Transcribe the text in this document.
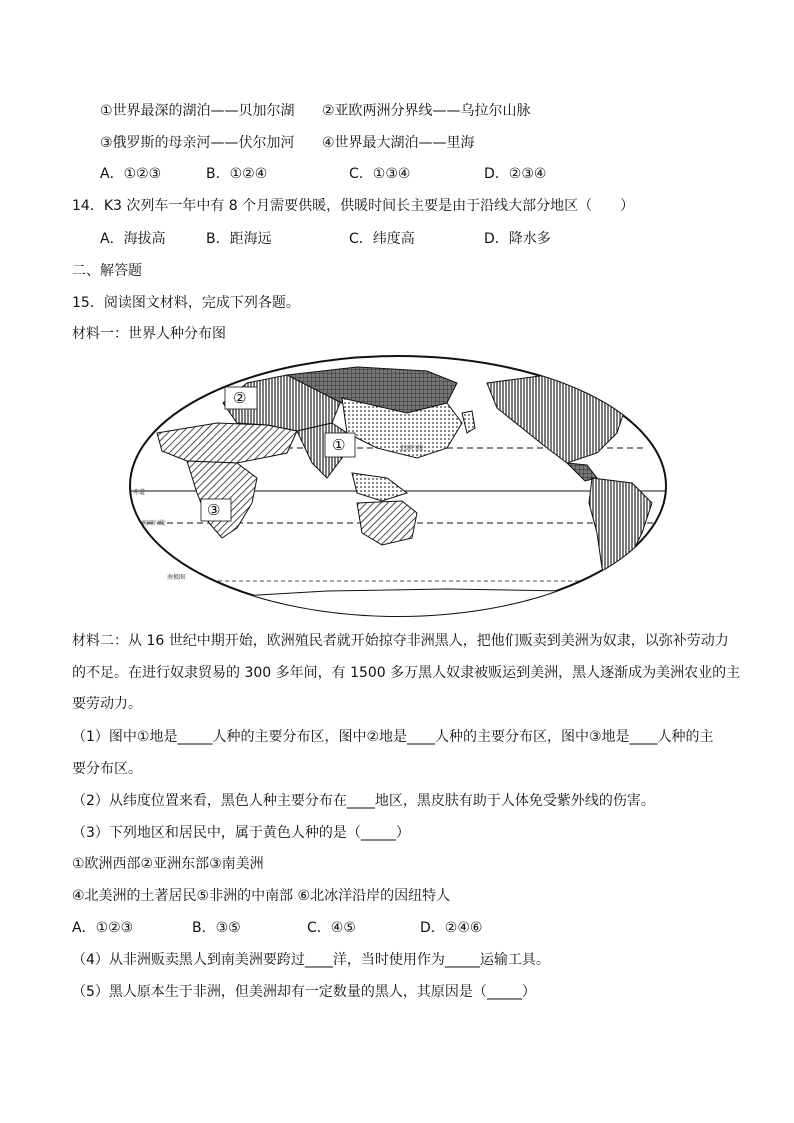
①世界最深的湖泊——贝加尔湖 ②亚欧两洲分界线——乌拉尔山脉
③俄罗斯的母亲河——伏尔加河 ④世界最大湖泊——里海
A．①②③	B．①②④	C．①③④	D．②③④
14．K3 次列车一年中有 8 个月需要供暖，供暖时间长主要是由于沿线大部分地区（　　）
A．海拔高	B．距海远	C．纬度高	D．降水多
二、解答题
15．阅读图文材料，完成下列各题。
材料一：世界人种分布图
赤道
北回归线
南回归线
南极圈
②
①
③
材料二：从 16 世纪中期开始，欧洲殖民者就开始掠夺非洲黑人，把他们贩卖到美洲为奴隶，以弥补劳动力
的不足。在进行奴隶贸易的 300 多年间，有 1500 多万黑人奴隶被贩运到美洲，黑人逐渐成为美洲农业的主
要劳动力。
（1）图中①地是_____人种的主要分布区，图中②地是____人种的主要分布区，图中③地是____人种的主
要分布区。
（2）从纬度位置来看，黑色人种主要分布在____地区，黑皮肤有助于人体免受紫外线的伤害。
（3）下列地区和居民中，属于黄色人种的是（_____）
①欧洲西部②亚洲东部③南美洲
④北美洲的土著居民⑤非洲的中南部 ⑥北冰洋沿岸的因纽特人
A．①②③	B．③⑤	C．④⑤	D．②④⑥
（4）从非洲贩卖黑人到南美洲要跨过____洋，当时使用作为_____运输工具。
（5）黑人原本生于非洲，但美洲却有一定数量的黑人，其原因是（_____）
